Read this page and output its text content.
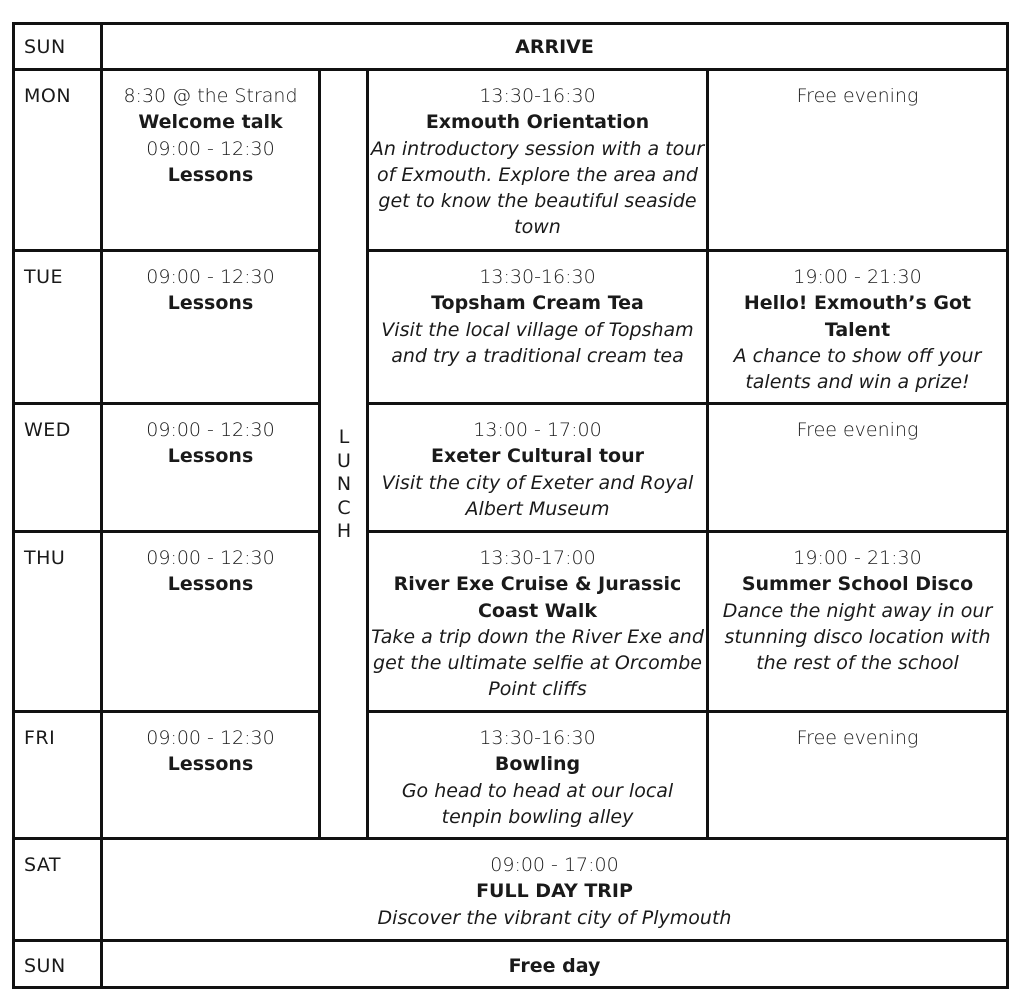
SUN
MON
TUE
WED
THU
FRI
SAT
SUN
ARRIVE
8:30 @ the Strand
Welcome talk
09:00 - 12:30
Lessons
13:30-16:30
Exmouth Orientation
An introductory session with a tour of Exmouth. Explore the area and get to know the beautiful seaside town
Free evening
09:00 - 12:30
Lessons
13:30-16:30
Topsham Cream Tea
Visit the local village of Topsham and try a traditional cream tea
19:00 - 21:30
Hello! Exmouth’s Got Talent
A chance to show off your talents and win a prize!
09:00 - 12:30
Lessons
13:00 - 17:00
Exeter Cultural tour
Visit the city of Exeter and Royal Albert Museum
Free evening
09:00 - 12:30
Lessons
13:30-17:00
River Exe Cruise & Jurassic Coast Walk
Take a trip down the River Exe and get the ultimate selfie at Orcombe Point cliffs
19:00 - 21:30
Summer School Disco
Dance the night away in our stunning disco location with the rest of the school
09:00 - 12:30
Lessons
13:30-16:30
Bowling
Go head to head at our local tenpin bowling alley
Free evening
09:00 - 17:00
FULL DAY TRIP
Discover the vibrant city of Plymouth
Free day
L
U
N
C
H
